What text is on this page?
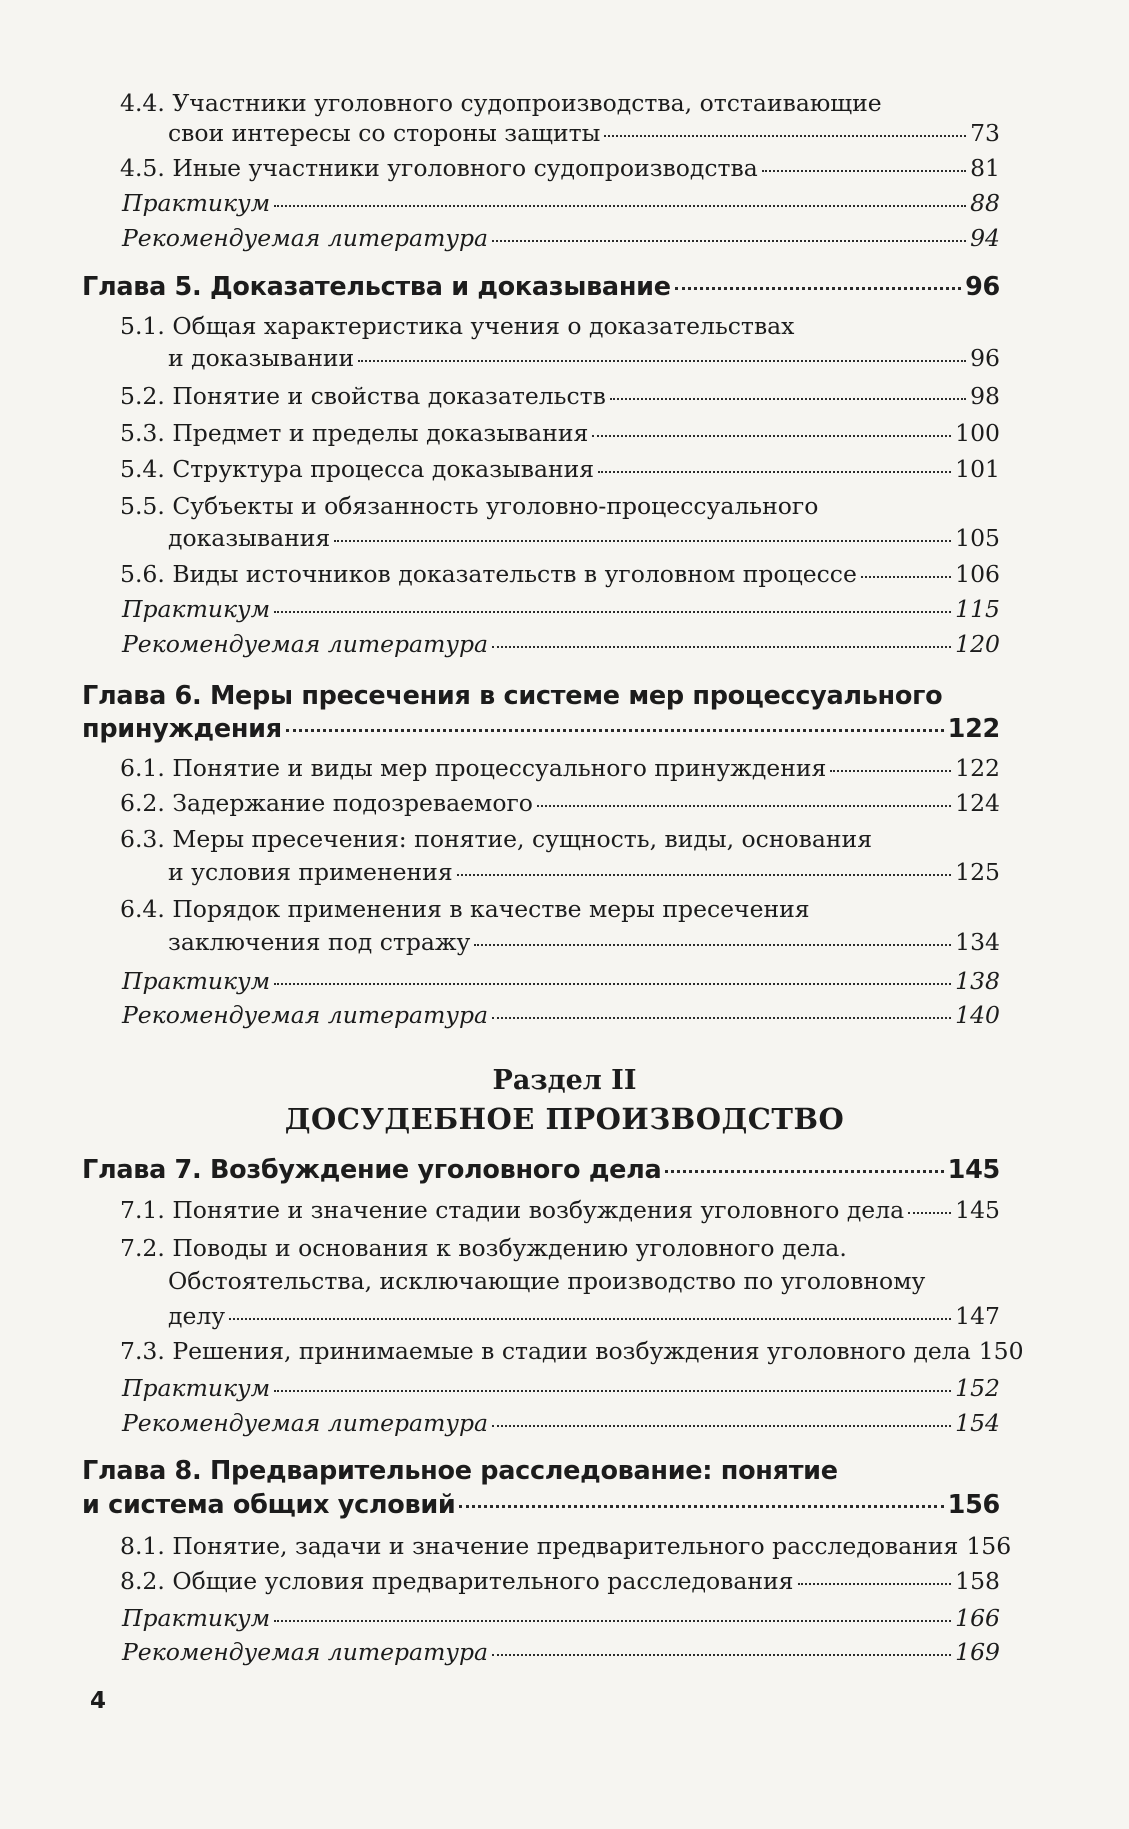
Раздел II
ДОСУДЕБНОЕ ПРОИЗВОДСТВО
4
4.4. Участники уголовного судопроизводства, отстаивающие
свои интересы со стороны защиты	73
4.5. Иные участники уголовного судопроизводства	81
Практикум	88
Рекомендуемая литература	94
Глава 5. Доказательства и доказывание	96
5.1. Общая характеристика учения о доказательствах
и доказывании	96
5.2. Понятие и свойства доказательств	98
5.3. Предмет и пределы доказывания	100
5.4. Структура процесса доказывания	101
5.5. Субъекты и обязанность уголовно-процессуального
доказывания	105
5.6. Виды источников доказательств в уголовном процессе	106
Практикум	115
Рекомендуемая литература	120
Глава 6. Меры пресечения в системе мер процессуального
принуждения	122
6.1. Понятие и виды мер процессуального принуждения	122
6.2. Задержание подозреваемого	124
6.3. Меры пресечения: понятие, сущность, виды, основания
и условия применения	125
6.4. Порядок применения в качестве меры пресечения
заключения под стражу	134
Практикум	138
Рекомендуемая литература	140
Глава 7. Возбуждение уголовного дела	145
7.1. Понятие и значение стадии возбуждения уголовного дела 145
7.2. Поводы и основания к возбуждению уголовного дела.
Обстоятельства, исключающие производство по уголовному
делу	147
7.3. Решения, принимаемые в стадии возбуждения уголовного дела 150
Практикум	152
Рекомендуемая литература	154
Глава 8. Предварительное расследование: понятие
и система общих условий	156
8.1. Понятие, задачи и значение предварительного расследования 156
8.2. Общие условия предварительного расследования	158
Практикум	166
Рекомендуемая литература	169
